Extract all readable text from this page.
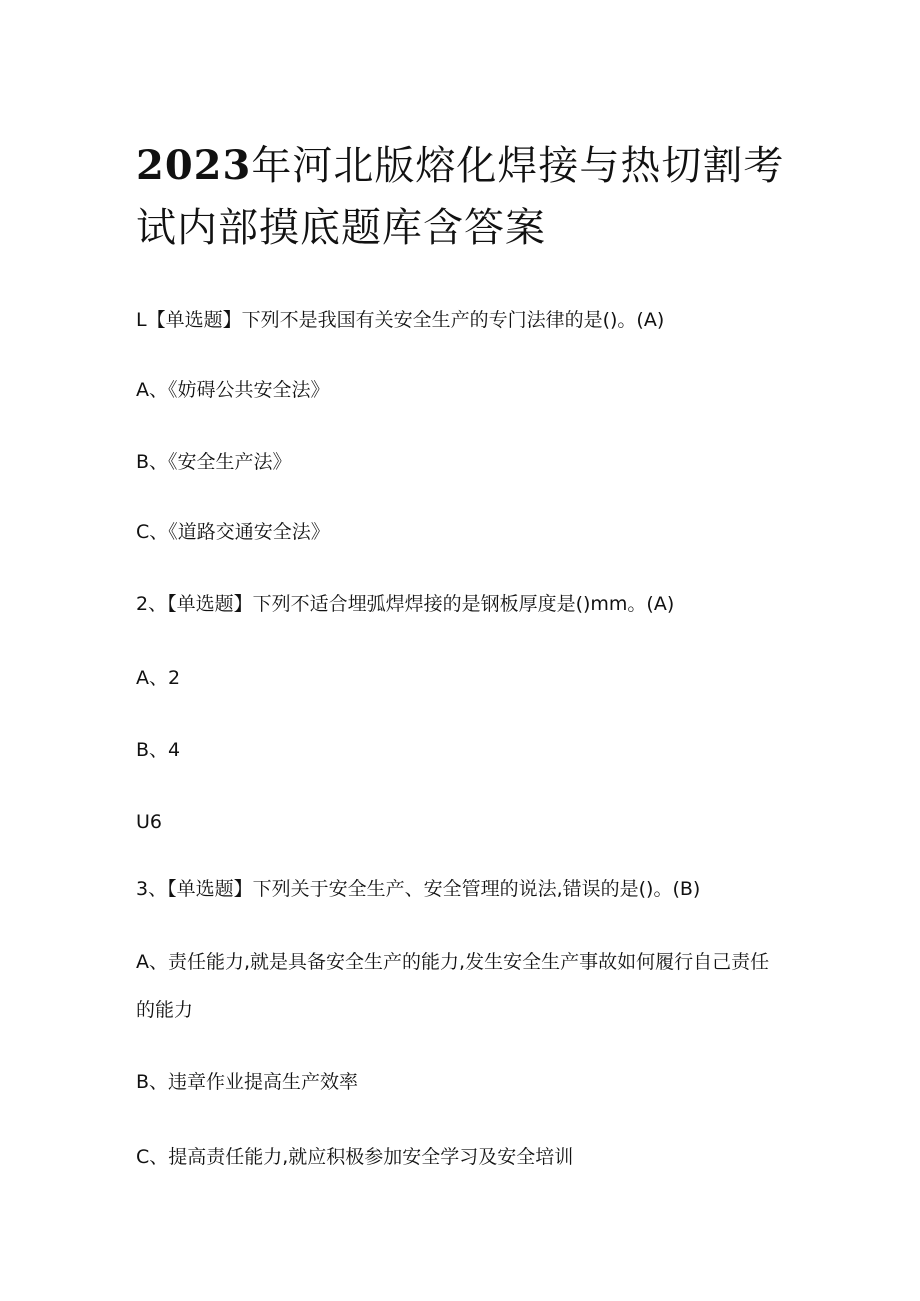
2023年河北版熔化焊接与热切割考试内部摸底题库含答案

L【单选题】下列不是我国有关安全生产的专门法律的是()。(A)

A、《妨碍公共安全法》

B、《安全生产法》

C、《道路交通安全法》

2、【单选题】下列不适合埋弧焊焊接的是钢板厚度是()mm。(A)

A、2

B、4

U6

3、【单选题】下列关于安全生产、安全管理的说法,错误的是()。(B)

A、责任能力,就是具备安全生产的能力,发生安全生产事故如何履行自己责任的能力

B、违章作业提高生产效率

C、提高责任能力,就应积极参加安全学习及安全培训
